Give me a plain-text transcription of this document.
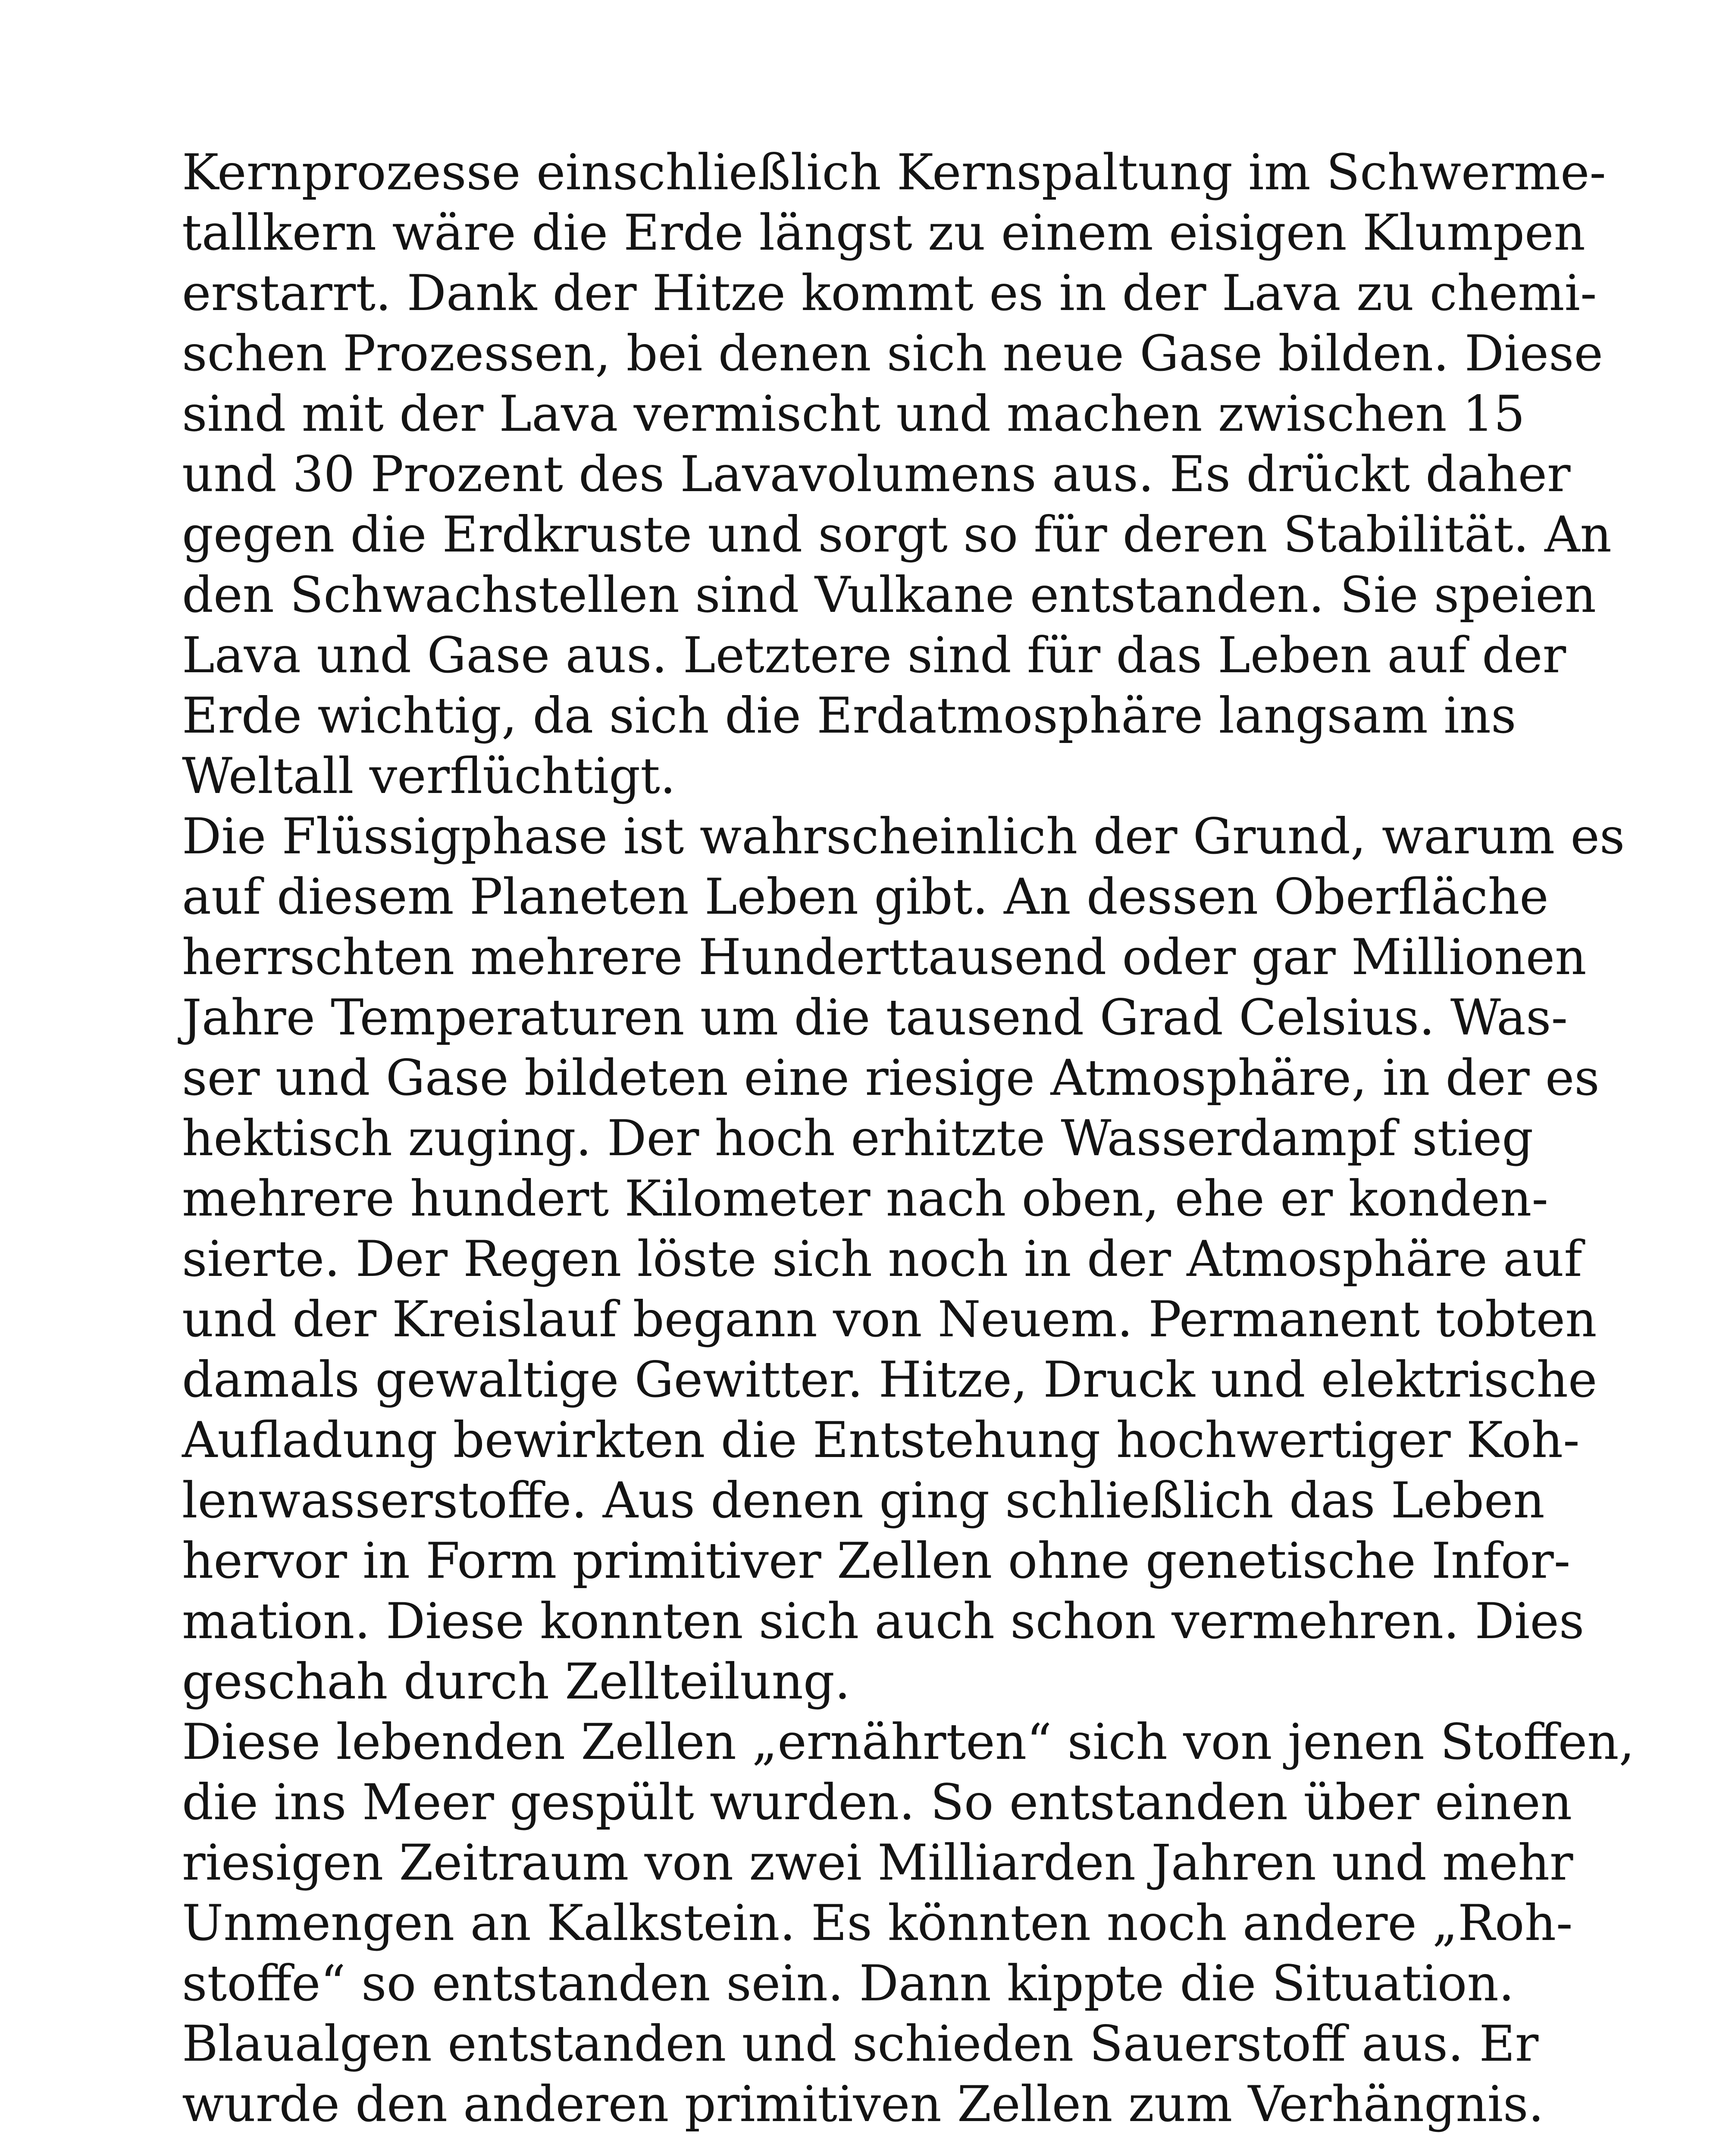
Kernprozesse einschließlich Kernspaltung im Schwerme-
tallkern wäre die Erde längst zu einem eisigen Klumpen
erstarrt. Dank der Hitze kommt es in der Lava zu chemi-
schen Prozessen, bei denen sich neue Gase bilden. Diese
sind mit der Lava vermischt und machen zwischen 15
und 30 Prozent des Lavavolumens aus. Es drückt daher
gegen die Erdkruste und sorgt so für deren Stabilität. An
den Schwachstellen sind Vulkane entstanden. Sie speien
Lava und Gase aus. Letztere sind für das Leben auf der
Erde wichtig, da sich die Erdatmosphäre langsam ins
Weltall verflüchtigt.

Die Flüssigphase ist wahrscheinlich der Grund, warum es
auf diesem Planeten Leben gibt. An dessen Oberfläche
herrschten mehrere Hunderttausend oder gar Millionen
Jahre Temperaturen um die tausend Grad Celsius. Was-
ser und Gase bildeten eine riesige Atmosphäre, in der es
hektisch zuging. Der hoch erhitzte Wasserdampf stieg
mehrere hundert Kilometer nach oben, ehe er konden-
sierte. Der Regen löste sich noch in der Atmosphäre auf
und der Kreislauf begann von Neuem. Permanent tobten
damals gewaltige Gewitter. Hitze, Druck und elektrische
Aufladung bewirkten die Entstehung hochwertiger Koh-
lenwasserstoffe. Aus denen ging schließlich das Leben
hervor in Form primitiver Zellen ohne genetische Infor-
mation. Diese konnten sich auch schon vermehren. Dies
geschah durch Zellteilung.

Diese lebenden Zellen „ernährten“ sich von jenen Stoffen,
die ins Meer gespült wurden. So entstanden über einen
riesigen Zeitraum von zwei Milliarden Jahren und mehr
Unmengen an Kalkstein. Es könnten noch andere „Roh-
stoffe“ so entstanden sein. Dann kippte die Situation.
Blaualgen entstanden und schieden Sauerstoff aus. Er
wurde den anderen primitiven Zellen zum Verhängnis.
